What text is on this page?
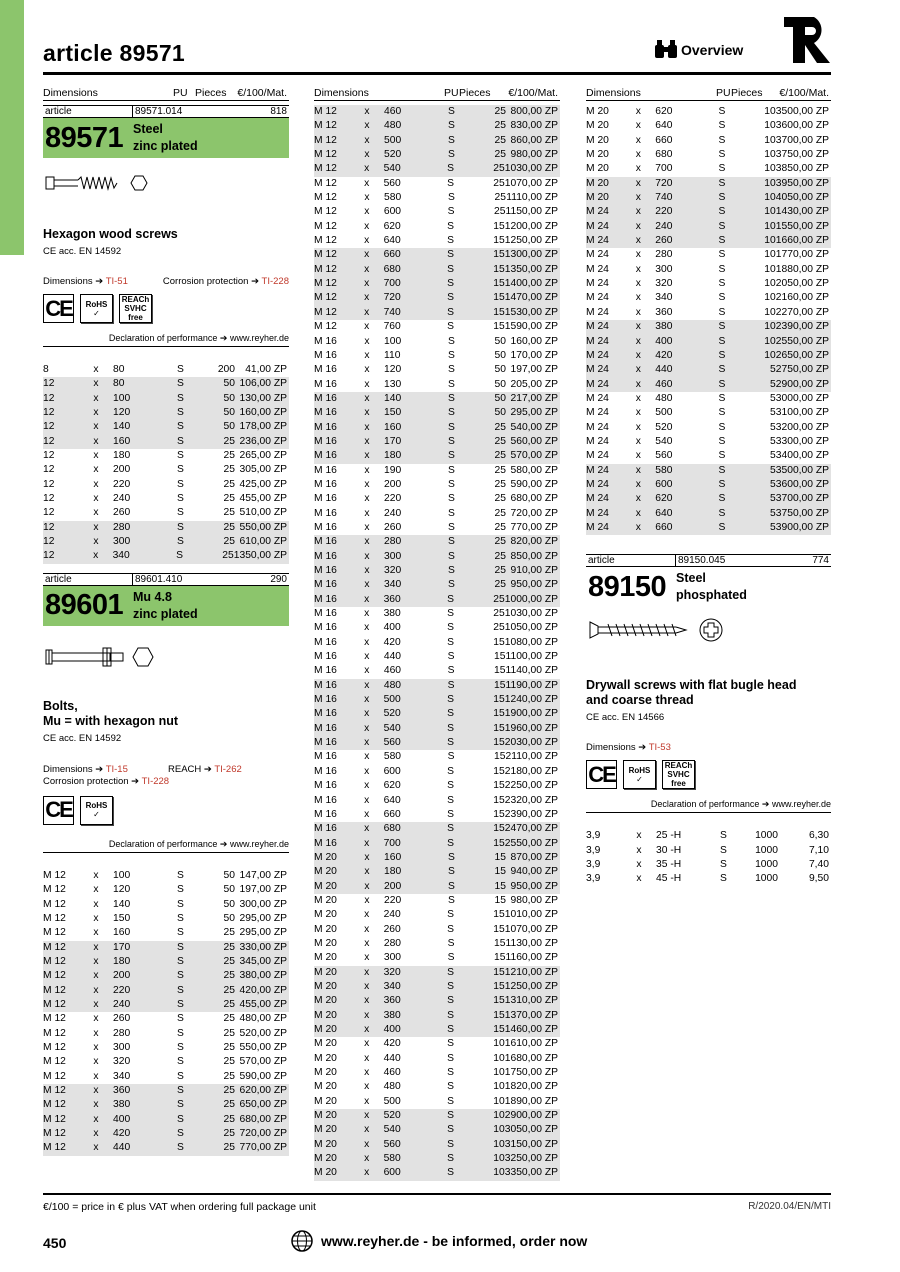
article 89571	Overview
Dimensions	PU Pieces	€/100/Mat.
article	89571.014	818
89571 Steel
zinc plated
Hexagon wood screws
CE acc. EN 14592
Dimensions ➔ TI-51	Corrosion protection ➔ TI-228
CE	RoHS
✓
REACh
SVHC
free
Declaration of performance ➔ www.reyher.de
8	x	80	S	200 41,00 ZP
12	x	80	S	50 106,00 ZP
12	x	100	S	50 130,00 ZP
12	x	120	S	50 160,00 ZP
12	x	140	S	50 178,00 ZP
12	x	160	S	25 236,00 ZP
12	x	180	S	25 265,00 ZP
12	x	200	S	25 305,00 ZP
12	x	220	S	25 425,00 ZP
12	x	240	S	25 455,00 ZP
12	x	260	S	25 510,00 ZP
12	x	280	S	25 550,00 ZP
12	x	300	S	25 610,00 ZP
12	x	340	S	25 1350,00 ZP
article	89601.410	290
89601 Mu 4.8
zinc plated
Bolts,
Mu = with hexagon nut
CE acc. EN 14592
Dimensions ➔ TI-15	REACH ➔ TI-262
Corrosion protection ➔ TI-228
CE	RoHS
✓
Declaration of performance ➔ www.reyher.de
M 12	x	100	S	50 147,00 ZP
M 12	x	120	S	50 197,00 ZP
M 12	x	140	S	50 300,00 ZP
M 12	x	150	S	50 295,00 ZP
M 12	x	160	S	25 295,00 ZP
M 12	x	170	S	25 330,00 ZP
M 12	x	180	S	25 345,00 ZP
M 12	x	200	S	25 380,00 ZP
M 12	x	220	S	25 420,00 ZP
M 12	x	240	S	25 455,00 ZP
M 12	x	260	S	25 480,00 ZP
M 12	x	280	S	25 520,00 ZP
M 12	x	300	S	25 550,00 ZP
M 12	x	320	S	25 570,00 ZP
M 12	x	340	S	25 590,00 ZP
M 12	x	360	S	25 620,00 ZP
M 12	x	380	S	25 650,00 ZP
M 12	x	400	S	25 680,00 ZP
M 12	x	420	S	25 720,00 ZP
M 12	x	440	S	25 770,00 ZP
Dimensions	PU Pieces	€/100/Mat.
M 12	x	460	S	25 800,00 ZP
M 12	x	480	S	25 830,00 ZP
M 12	x	500	S	25 860,00 ZP
M 12	x	520	S	25 980,00 ZP
M 12	x	540	S	25 1030,00 ZP
M 12	x	560	S	25 1070,00 ZP
M 12	x	580	S	25 1110,00 ZP
M 12	x	600	S	25 1150,00 ZP
M 12	x	620	S	15 1200,00 ZP
M 12	x	640	S	15 1250,00 ZP
M 12	x	660	S	15 1300,00 ZP
M 12	x	680	S	15 1350,00 ZP
M 12	x	700	S	15 1400,00 ZP
M 12	x	720	S	15 1470,00 ZP
M 12	x	740	S	15 1530,00 ZP
M 12	x	760	S	15 1590,00 ZP
M 16	x	100	S	50 160,00 ZP
M 16	x	110	S	50 170,00 ZP
M 16	x	120	S	50 197,00 ZP
M 16	x	130	S	50 205,00 ZP
M 16	x	140	S	50 217,00 ZP
M 16	x	150	S	50 295,00 ZP
M 16	x	160	S	25 540,00 ZP
M 16	x	170	S	25 560,00 ZP
M 16	x	180	S	25 570,00 ZP
M 16	x	190	S	25 580,00 ZP
M 16	x	200	S	25 590,00 ZP
M 16	x	220	S	25 680,00 ZP
M 16	x	240	S	25 720,00 ZP
M 16	x	260	S	25 770,00 ZP
M 16	x	280	S	25 820,00 ZP
M 16	x	300	S	25 850,00 ZP
M 16	x	320	S	25 910,00 ZP
M 16	x	340	S	25 950,00 ZP
M 16	x	360	S	25 1000,00 ZP
M 16	x	380	S	25 1030,00 ZP
M 16	x	400	S	25 1050,00 ZP
M 16	x	420	S	15 1080,00 ZP
M 16	x	440	S	15 1100,00 ZP
M 16	x	460	S	15 1140,00 ZP
M 16	x	480	S	15 1190,00 ZP
M 16	x	500	S	15 1240,00 ZP
M 16	x	520	S	15 1900,00 ZP
M 16	x	540	S	15 1960,00 ZP
M 16	x	560	S	15 2030,00 ZP
M 16	x	580	S	15 2110,00 ZP
M 16	x	600	S	15 2180,00 ZP
M 16	x	620	S	15 2250,00 ZP
M 16	x	640	S	15 2320,00 ZP
M 16	x	660	S	15 2390,00 ZP
M 16	x	680	S	15 2470,00 ZP
M 16	x	700	S	15 2550,00 ZP
M 20	x	160	S	15 870,00 ZP
M 20	x	180	S	15 940,00 ZP
M 20	x	200	S	15 950,00 ZP
M 20	x	220	S	15 980,00 ZP
M 20	x	240	S	15 1010,00 ZP
M 20	x	260	S	15 1070,00 ZP
M 20	x	280	S	15 1130,00 ZP
M 20	x	300	S	15 1160,00 ZP
M 20	x	320	S	15 1210,00 ZP
M 20	x	340	S	15 1250,00 ZP
M 20	x	360	S	15 1310,00 ZP
M 20	x	380	S	15 1370,00 ZP
M 20	x	400	S	15 1460,00 ZP
M 20	x	420	S	10 1610,00 ZP
M 20	x	440	S	10 1680,00 ZP
M 20	x	460	S	10 1750,00 ZP
M 20	x	480	S	10 1820,00 ZP
M 20	x	500	S	10 1890,00 ZP
M 20	x	520	S	10 2900,00 ZP
M 20	x	540	S	10 3050,00 ZP
M 20	x	560	S	10 3150,00 ZP
M 20	x	580	S	10 3250,00 ZP
M 20	x	600	S	10 3350,00 ZP
Dimensions	PU Pieces	€/100/Mat.
M 20	x	620	S	10 3500,00 ZP
M 20	x	640	S	10 3600,00 ZP
M 20	x	660	S	10 3700,00 ZP
M 20	x	680	S	10 3750,00 ZP
M 20	x	700	S	10 3850,00 ZP
M 20	x	720	S	10 3950,00 ZP
M 20	x	740	S	10 4050,00 ZP
M 24	x	220	S	10 1430,00 ZP
M 24	x	240	S	10 1550,00 ZP
M 24	x	260	S	10 1660,00 ZP
M 24	x	280	S	10 1770,00 ZP
M 24	x	300	S	10 1880,00 ZP
M 24	x	320	S	10 2050,00 ZP
M 24	x	340	S	10 2160,00 ZP
M 24	x	360	S	10 2270,00 ZP
M 24	x	380	S	10 2390,00 ZP
M 24	x	400	S	10 2550,00 ZP
M 24	x	420	S	10 2650,00 ZP
M 24	x	440	S	5 2750,00 ZP
M 24	x	460	S	5 2900,00 ZP
M 24	x	480	S	5 3000,00 ZP
M 24	x	500	S	5 3100,00 ZP
M 24	x	520	S	5 3200,00 ZP
M 24	x	540	S	5 3300,00 ZP
M 24	x	560	S	5 3400,00 ZP
M 24	x	580	S	5 3500,00 ZP
M 24	x	600	S	5 3600,00 ZP
M 24	x	620	S	5 3700,00 ZP
M 24	x	640	S	5 3750,00 ZP
M 24	x	660	S	5 3900,00 ZP
article	89150.045	774
89150 Steel
phosphated
Drywall screws with flat bugle head
and coarse thread
CE acc. EN 14566
Dimensions ➔ TI-53
CE	RoHS
✓
REACh
SVHC
free
Declaration of performance ➔ www.reyher.de
3,9	x	25 -H	S	1000	6,30
3,9	x	30 -H	S	1000	7,10
3,9	x	35 -H	S	1000	7,40
3,9	x	45 -H	S	1000	9,50
€/100 = price in € plus VAT when ordering full package unit	R/2020.04/EN/MTI
450	www.reyher.de - be informed, order now
